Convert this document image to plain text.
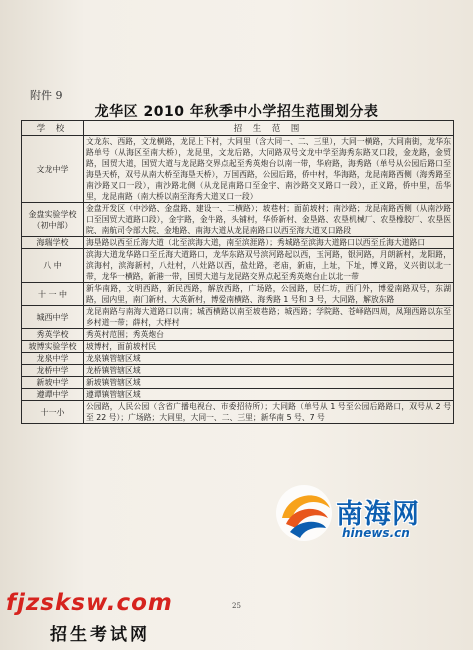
附件 9
龙华区 2010 年秋季中小学招生范围划分表
学 校	招 生 范 围
文龙中学	文龙东、西路，文龙横路，龙昆上下村，大同里（含大同一、二、三里），大同一横路，大同南街，龙华东路单号（从海区至南大桥），龙昆里，文龙后路，大同路双号文龙中学至海秀东路叉口段，金龙路，金贸路，国贸大道，国贸大道与龙昆路交界点起至秀英炮台以南一带，华府路，海秀路（单号从公园后路口至海垦天桥，双号从南大桥至海垦天桥），万国西路，公园后路，侨中村，华海路，龙昆南路西侧（海秀路至南沙路叉口一段），南沙路北侧（从龙昆南路口至金宇、南沙路交叉路口一段），正义路，侨中里，岳华里，龙昆南路（南大桥以南至海秀大道叉口一段）
金盘实验学校（初中部）	金盘开发区（中沙路、金盘路、建设一、二横路）；坡巷村；面前坡村；南沙路；龙昆南路西侧（从南沙路口至国贸大道路口段），金宇路，金牛路，头铺村，华侨新村、金垦路、农垦机械厂、农垦橡胶厂、农垦医院、南航司令部大院、金地路、南海大道从龙昆南路口以西至海大道叉口路段
海瑞学校	海垦路以西至丘海大道（北至滨海大道，南至滨涯路）；秀城路至滨海大道路口以西至丘海大道路口
八 中	滨海大道龙华路口至丘海大道路口，龙华东路双号滨河路起以西，玉河路，银河路，月朗新村，龙阳路，滨海村，滨海新村，八灶村，八灶路以西，盐灶路，老庙，新庙，上址，下址，博义路，义兴街以北一带，龙华一横路，新港一带，国贸大道与龙昆路交界点起至秀英炮台止以北一带
十 一 中	新华南路，文明西路，新民西路，解放西路，广场路，公园路，居仁坊，西门外，博爱南路双号，东湖路，园内里，南门新村、大英新村，博爱南横路、海秀路 1 号和 3 号，大同路，解放东路
城西中学	龙昆南路与南海大道路口以南；城西横路以南至坡巷路；城西路；学院路、苍峄路四周，凤翔西路以东至乡村道一带；薛村，大样村
秀英学校	秀英村范围；秀英炮台
坡博实验学校	坡博村，面前坡村民
龙泉中学	龙泉镇管辖区域
龙桥中学	龙桥镇管辖区域
新坡中学	新坡镇管辖区域
遵谭中学	遵谭镇管辖区域
十一小	公园路，人民公园（含省广播电视台、市委招待所）；大同路（单号从 1 号至公园后路路口，双号从 2 号至 22 号）；广场路；大同里，大同一、二、三里；新华南 5 号、7 号
南海网
hinews.cn
25
fjzsksw.com
招生考试网
